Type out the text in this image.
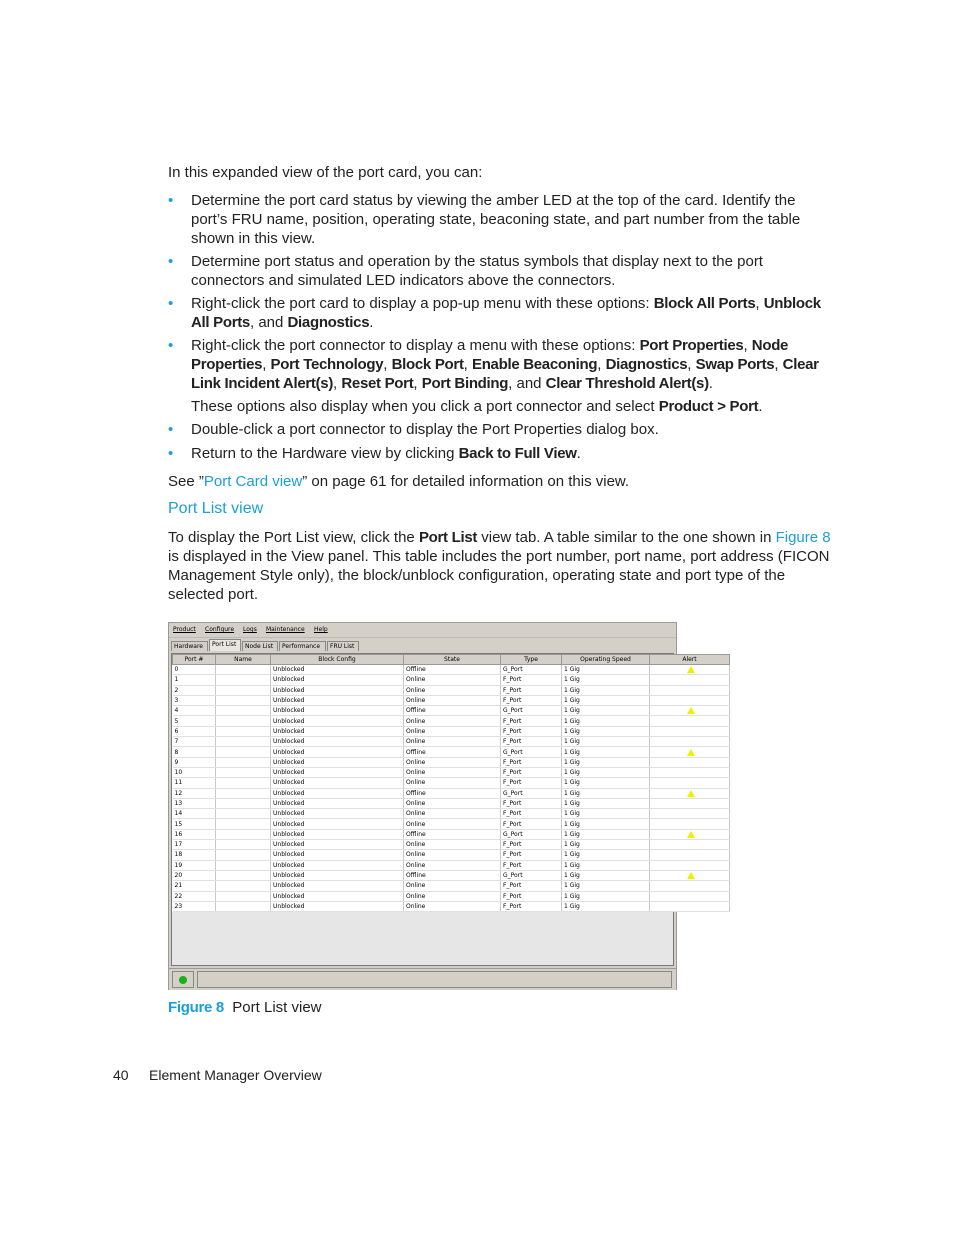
In this expanded view of the port card, you can:

• Determine the port card status by viewing the amber LED at the top of the card. Identify the port’s FRU name, position, operating state, beaconing state, and part number from the table shown in this view.
• Determine port status and operation by the status symbols that display next to the port connectors and simulated LED indicators above the connectors.
• Right-click the port card to display a pop-up menu with these options: Block All Ports, Unblock All Ports, and Diagnostics.
• Right-click the port connector to display a menu with these options: Port Properties, Node Properties, Port Technology, Block Port, Enable Beaconing, Diagnostics, Swap Ports, Clear Link Incident Alert(s), Reset Port, Port Binding, and Clear Threshold Alert(s).

These options also display when you click a port connector and select Product > Port.

• Double-click a port connector to display the Port Properties dialog box.
• Return to the Hardware view by clicking Back to Full View.

See ”Port Card view” on page 61 for detailed information on this view.

Port List view

To display the Port List view, click the Port List view tab. A table similar to the one shown in Figure 8 is displayed in the View panel. This table includes the port number, port name, port address (FICON Management Style only), the block/unblock configuration, operating state and port type of the selected port.

Product Configure Logs Maintenance Help
Hardware	Port List	Node List	Performance	FRU List
Port #	Name	Block Config	State	Type	Operating Speed	Alert
0		Unblocked	Offline	G_Port	1 Gig	
1		Unblocked	Online	F_Port	1 Gig	
2		Unblocked	Online	F_Port	1 Gig	
3		Unblocked	Online	F_Port	1 Gig	
4		Unblocked	Offline	G_Port	1 Gig	
5		Unblocked	Online	F_Port	1 Gig	
6		Unblocked	Online	F_Port	1 Gig	
7		Unblocked	Online	F_Port	1 Gig	
8		Unblocked	Offline	G_Port	1 Gig	
9		Unblocked	Online	F_Port	1 Gig	
10		Unblocked	Online	F_Port	1 Gig	
11		Unblocked	Online	F_Port	1 Gig	
12		Unblocked	Offline	G_Port	1 Gig	
13		Unblocked	Online	F_Port	1 Gig	
14		Unblocked	Online	F_Port	1 Gig	
15		Unblocked	Online	F_Port	1 Gig	
16		Unblocked	Offline	G_Port	1 Gig	
17		Unblocked	Online	F_Port	1 Gig	
18		Unblocked	Online	F_Port	1 Gig	
19		Unblocked	Online	F_Port	1 Gig	
20		Unblocked	Offline	G_Port	1 Gig	
21		Unblocked	Online	F_Port	1 Gig	
22		Unblocked	Online	F_Port	1 Gig	
23		Unblocked	Online	F_Port	1 Gig	

Figure 8 Port List view

40 Element Manager Overview
